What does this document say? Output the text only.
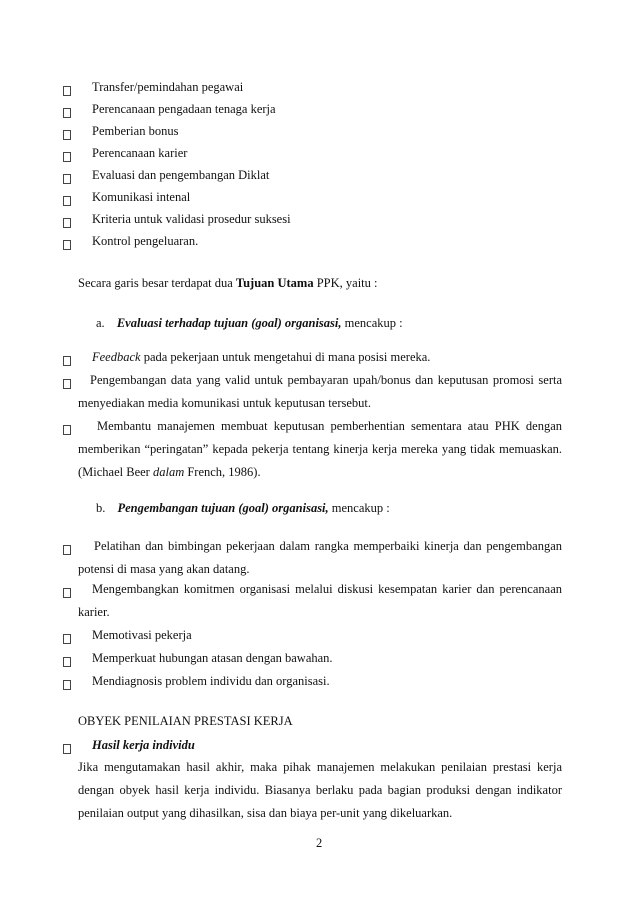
Transfer/pemindahan pegawai
Perencanaan pengadaan tenaga kerja
Pemberian bonus
Perencanaan karier
Evaluasi dan pengembangan Diklat
Komunikasi intenal
Kriteria untuk validasi prosedur suksesi
Kontrol pengeluaran.
Secara garis besar terdapat dua Tujuan Utama PPK, yaitu :
a. Evaluasi terhadap tujuan (goal) organisasi, mencakup :
Feedback pada pekerjaan untuk mengetahui di mana posisi mereka.
Pengembangan data yang valid untuk pembayaran upah/bonus dan keputusan promosi serta
menyediakan media komunikasi untuk keputusan tersebut.
Membantu manajemen membuat keputusan pemberhentian sementara atau PHK dengan
memberikan “peringatan” kepada pekerja tentang kinerja kerja mereka yang tidak memuaskan.
(Michael Beer dalam French, 1986).
b. Pengembangan tujuan (goal) organisasi, mencakup :
Pelatihan dan bimbingan pekerjaan dalam rangka memperbaiki kinerja dan pengembangan
potensi di masa yang akan datang.
Mengembangkan komitmen organisasi melalui diskusi kesempatan karier dan perencanaan
karier.
Memotivasi pekerja
Memperkuat hubungan atasan dengan bawahan.
Mendiagnosis problem individu dan organisasi.
OBYEK PENILAIAN PRESTASI KERJA
Hasil kerja individu
Jika mengutamakan hasil akhir, maka pihak manajemen melakukan penilaian prestasi kerja
dengan obyek hasil kerja individu. Biasanya berlaku pada bagian produksi dengan indikator
penilaian output yang dihasilkan, sisa dan biaya per-unit yang dikeluarkan.
2
